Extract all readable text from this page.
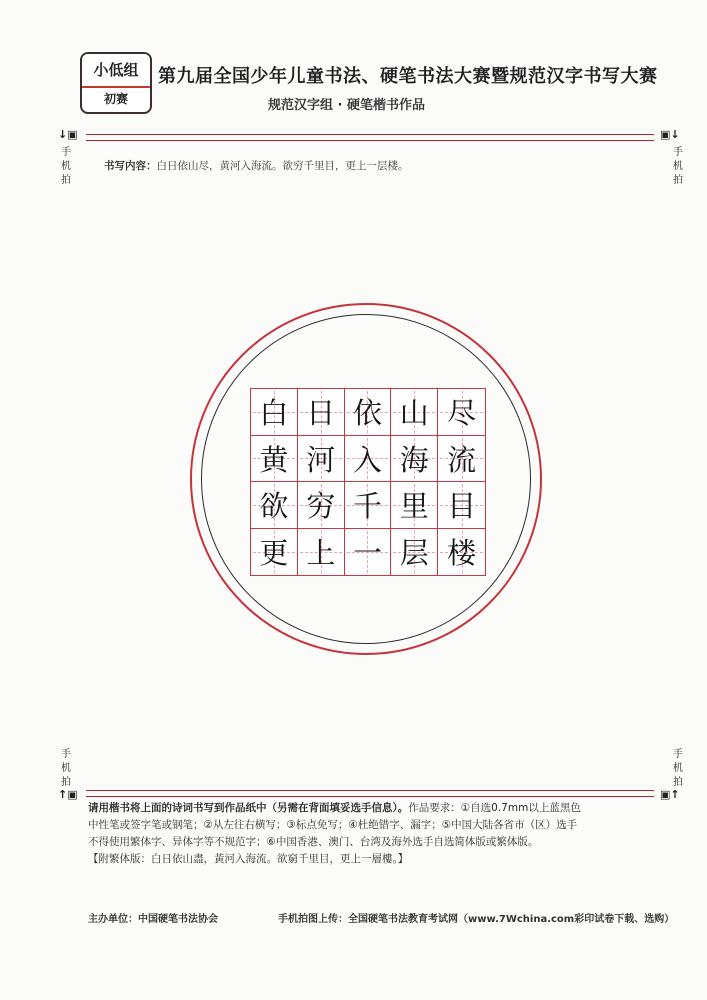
小低组
初赛
第九届全国少年儿童书法、硬笔书法大赛暨规范汉字书写大赛
规范汉字组 · 硬笔楷书作品
↓▣	▣↓
手机拍
手机拍
书写内容：白日依山尽，黄河入海流。欲穷千里目，更上一层楼。
白 日 依 山 尽
黄 河 入 海 流
欲 穷 千 里 目
更 上 一 层 楼
手机拍
手机拍
↑▣	▣↑

请用楷书将上面的诗词书写到作品纸中（另需在背面填妥选手信息）。作品要求：①自选0.7mm以上蓝黑色

中性笔或签字笔或钢笔；②从左往右横写；③标点免写；④杜绝错字、漏字；⑤中国大陆各省市（区）选手

不得使用繁体字、异体字等不规范字；⑥中国香港、澳门、台湾及海外选手自选简体版或繁体版。

【附繁体版：白日依山盡，黃河入海流。欲窮千里目，更上一層樓。】

主办单位：中国硬笔书法协会	手机拍图上传：全国硬笔书法教育考试网（www.7Wchina.com彩印试卷下载、选购）
